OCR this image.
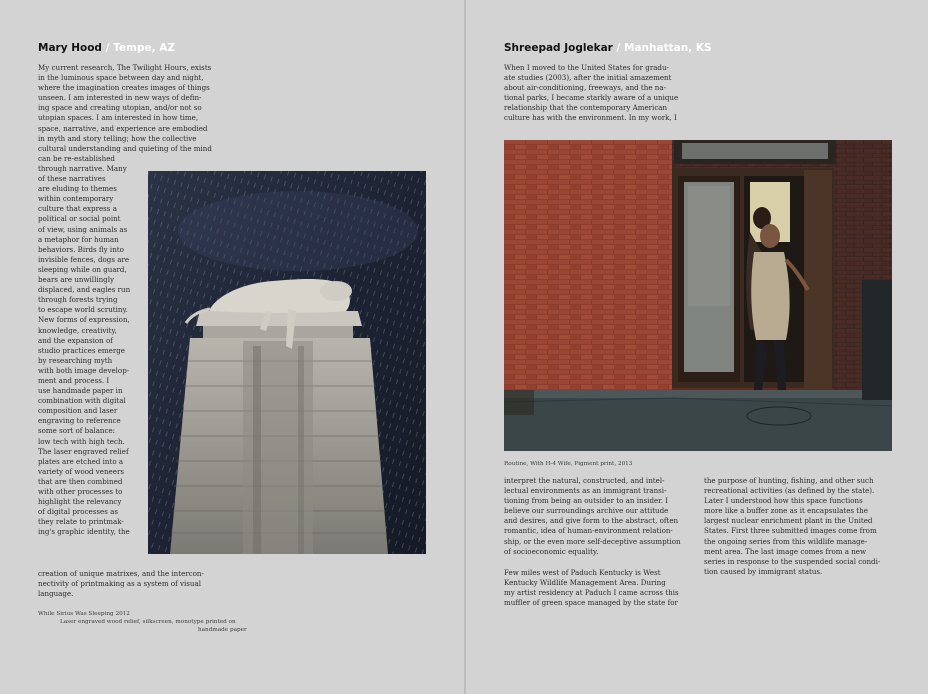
Mary Hood / Tempe, AZ
My current research, The Twilight Hours, exists
in the luminous space between day and night,
where the imagination creates images of things
unseen. I am interested in new ways of defin-
ing space and creating utopian, and/or not so
utopian spaces. I am interested in how time,
space, narrative, and experience are embodied
in myth and story telling; how the collective
cultural understanding and quieting of the mind
can be re-established
through narrative. Many
of these narratives
are eluding to themes
within contemporary
culture that express a
political or social point
of view, using animals as
a metaphor for human
behaviors. Birds fly into
invisible fences, dogs are
sleeping while on guard,
bears are unwillingly
displaced, and eagles run
through forests trying
to escape world scrutiny.
New forms of expression,
knowledge, creativity,
and the expansion of
studio practices emerge
by researching myth
with both image develop-
ment and process. I
use handmade paper in
combination with digital
composition and laser
engraving to reference
some sort of balance:
low tech with high tech.
The laser engraved relief
plates are etched into a
variety of wood veneers
that are then combined
with other processes to
highlight the relevancy
of digital processes as
they relate to printmak-
ing's graphic identity, the
creation of unique matrixes, and the intercon-
nectivity of printmaking as a system of visual
language.
While Sirius Was Sleeping 2012
Laser engraved wood relief, silkscreen, monotype printed on
handmade paper
Shreepad Joglekar / Manhattan, KS
When I moved to the United States for gradu-
ate studies (2003), after the initial amazement
about air-conditioning, freeways, and the na-
tional parks, I became starkly aware of a unique
relationship that the contemporary American
culture has with the environment. In my work, I
Routine, With H-4 Wife, Pigment print, 2013
interpret the natural, constructed, and intel-
lectual environments as an immigrant transi-
tioning from being an outsider to an insider. I
believe our surroundings archive our attitude
and desires, and give form to the abstract, often
romantic, idea of human-environment relation-
ship, or the even more self-deceptive assumption
of socioeconomic equality.
Few miles west of Paduch Kentucky is West
Kentucky Wildlife Management Area. During
my artist residency at Paduch I came across this
muffler of green space managed by the state for
the purpose of hunting, fishing, and other such
recreational activities (as defined by the state).
Later I understood how this space functions
more like a buffer zone as it encapsulates the
largest nuclear enrichment plant in the United
States. First three submitted images come from
the ongoing series from this wildlife manage-
ment area. The last image comes from a new
series in response to the suspended social condi-
tion caused by immigrant status.
